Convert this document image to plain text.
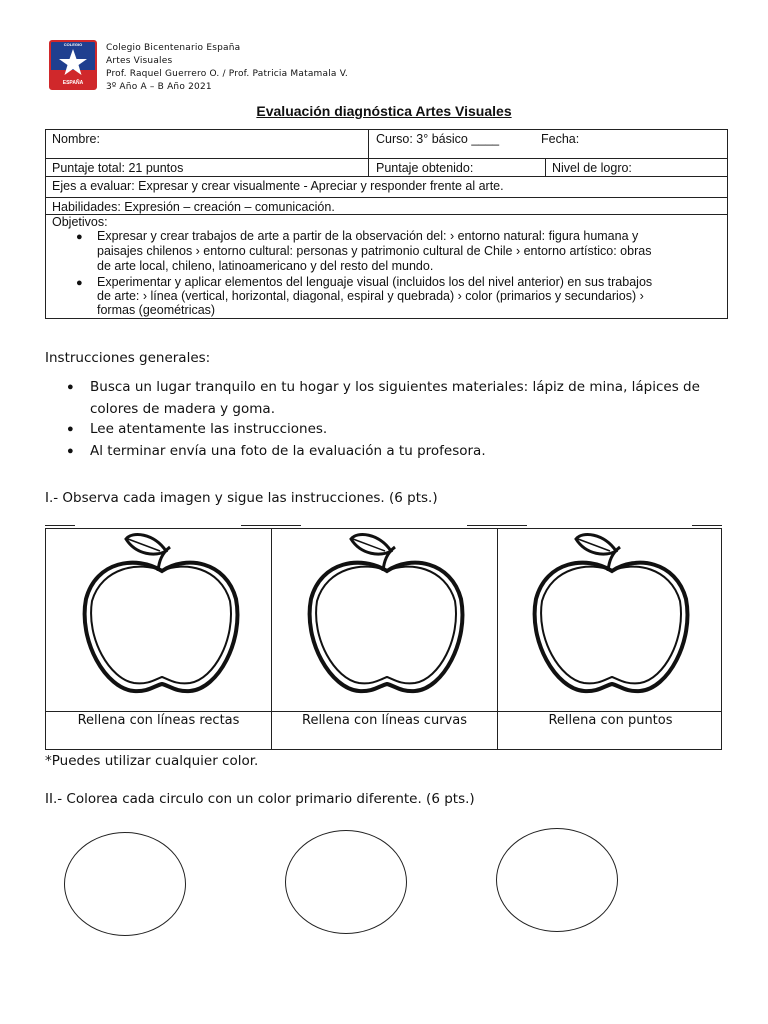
COLEGIO
ESPAÑA
Colegio Bicentenario España
Artes Visuales
Prof. Raquel Guerrero O. / Prof. Patricia Matamala V.
3º Año A – B Año 2021
Evaluación diagnóstica Artes Visuales
Nombre:	Curso: 3° básico ____	Fecha:
Puntaje total: 21 puntos	Puntaje obtenido:	Nivel de logro:
Ejes a evaluar: Expresar y crear visualmente - Apreciar y responder frente al arte.
Habilidades: Expresión – creación – comunicación.
Objetivos:
● Expresar y crear trabajos de arte a partir de la observación del: › entorno natural: figura humana y
paisajes chilenos › entorno cultural: personas y patrimonio cultural de Chile › entorno artístico: obras
de arte local, chileno, latinoamericano y del resto del mundo.
● Experimentar y aplicar elementos del lenguaje visual (incluidos los del nivel anterior) en sus trabajos
de arte: › línea (vertical, horizontal, diagonal, espiral y quebrada) › color (primarios y secundarios) ›
formas (geométricas)
Instrucciones generales:
● Busca un lugar tranquilo en tu hogar y los siguientes materiales: lápiz de mina, lápices de
colores de madera y goma.
● Lee atentamente las instrucciones.
● Al terminar envía una foto de la evaluación a tu profesora.
I.- Observa cada imagen y sigue las instrucciones. (6 pts.)
Rellena con líneas rectas	Rellena con líneas curvas	Rellena con puntos
*Puedes utilizar cualquier color.
II.- Colorea cada circulo con un color primario diferente. (6 pts.)
